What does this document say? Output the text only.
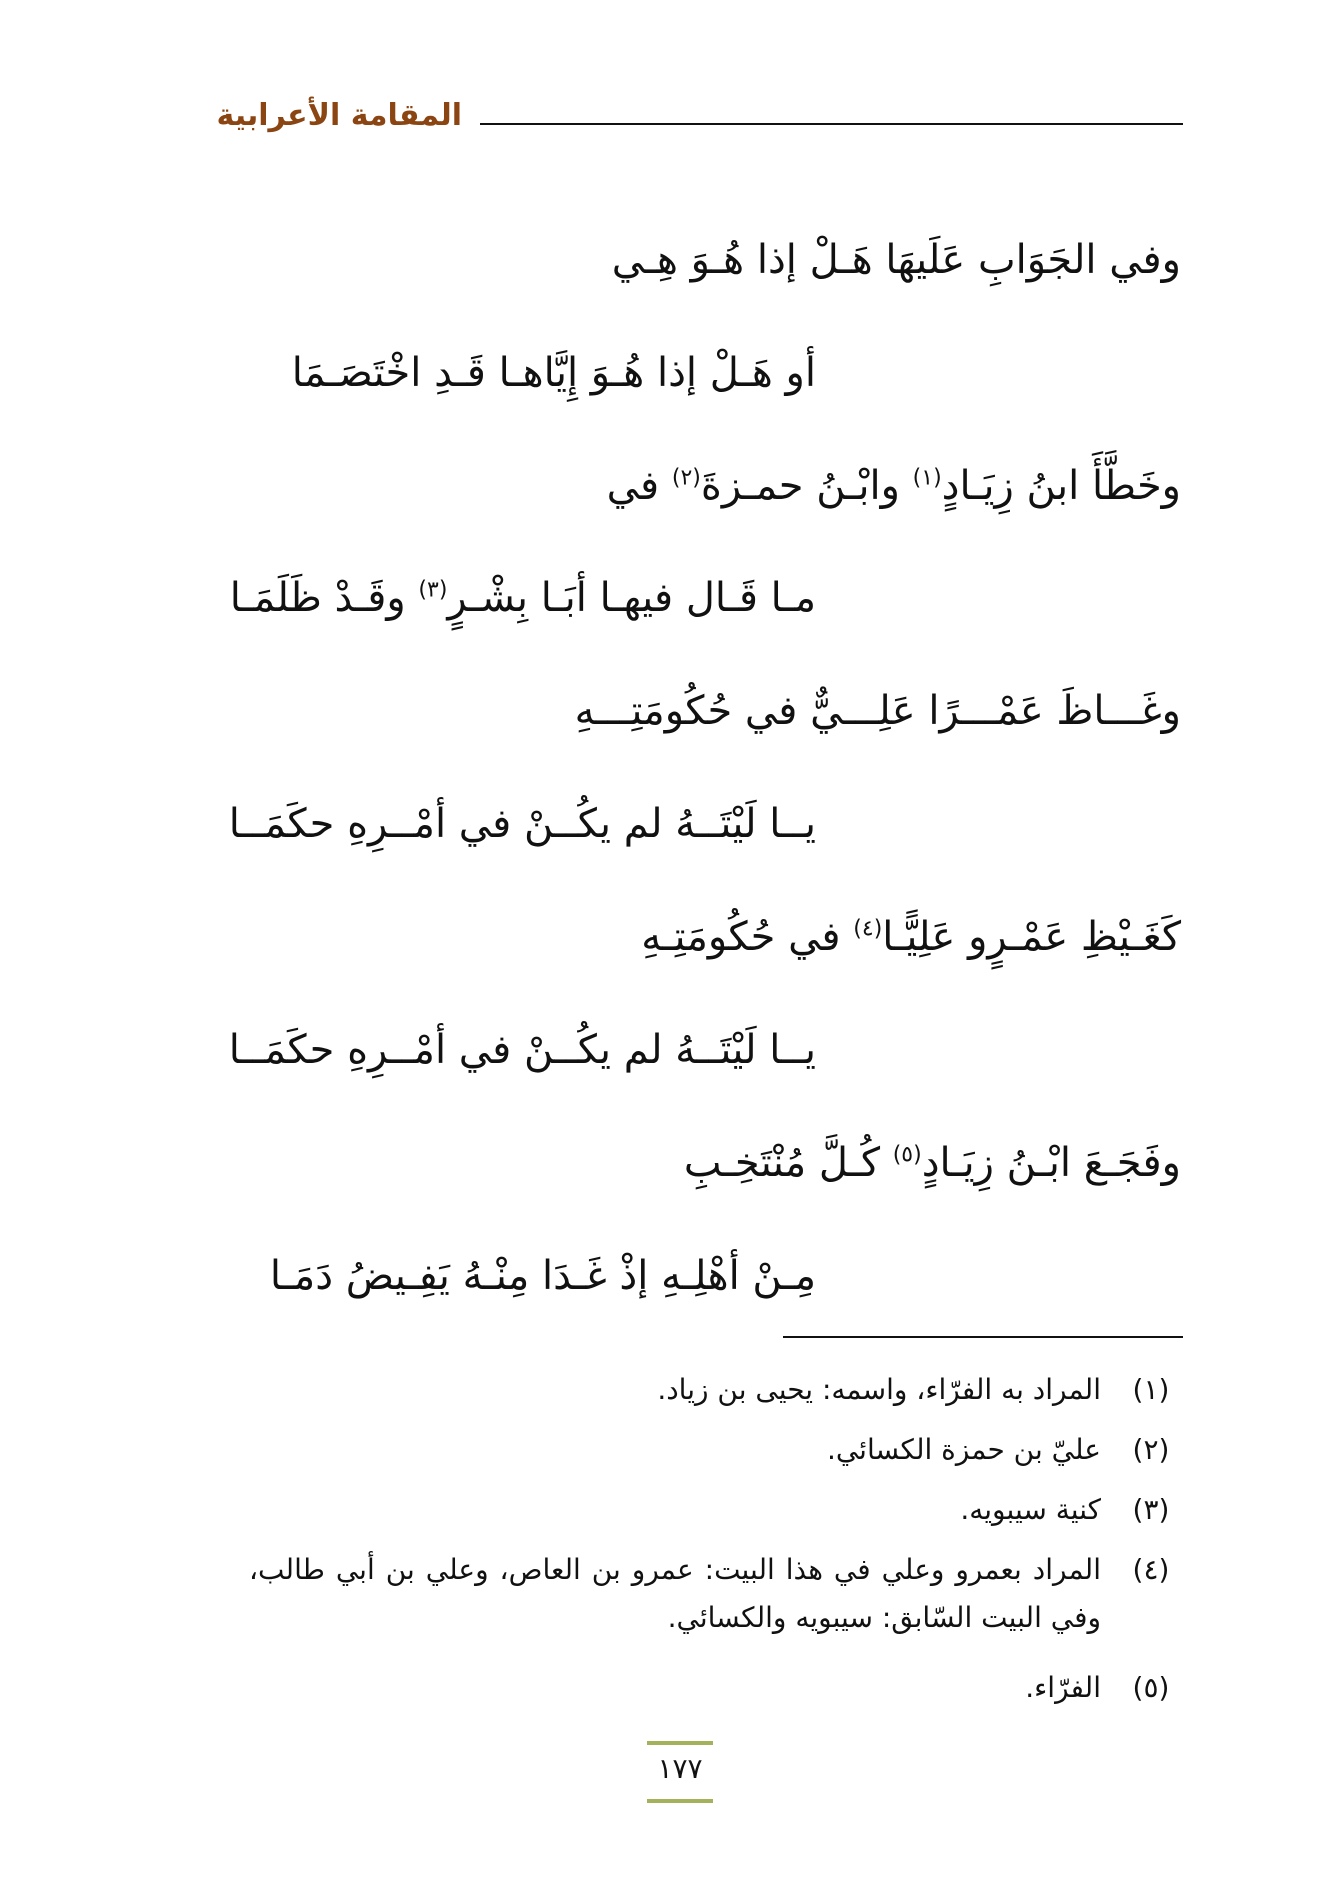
المقامة الأعرابية
وفي الجَوَابِ عَلَيهَا هَـلْ إذا هُـوَ هِـي
أو هَـلْ إذا هُـوَ إِيَّاهـا قَـدِ اخْتَصَـمَا
وخَطَّأَ ابنُ زِيَـادٍ$^{(١)}$ وابْـنُ حمـزةَ$^{(٢)}$ في
مـا قَـال فيهـا أبَـا بِشْـرٍ$^{(٣)}$ وقَـدْ ظَلَمَـا
وغَـــاظَ عَمْـــرًا عَلِـــيٌّ في حُكُومَتِـــهِ
يــا لَيْتَــهُ لم يكُــنْ في أمْــرِهِ حكَمَــا
كَغَـيْظِ عَمْـرٍو عَلِيًّـا$^{(٤)}$ في حُكُومَتِـهِ
يــا لَيْتَــهُ لم يكُــنْ في أمْــرِهِ حكَمَــا
وفَجَـعَ ابْـنُ زِيَـادٍ$^{(٥)}$ كُـلَّ مُنْتَخِـبِ
مِـنْ أهْلِـهِ إذْ غَـدَا مِنْـهُ يَفِـيضُ دَمَـا
(١)
المراد به الفرّاء، واسمه: يحيى بن زياد.
(٢)
عليّ بن حمزة الكسائي.
(٣)
كنية سيبويه.
(٤)
المراد بعمرو وعلي في هذا البيت: عمرو بن العاص، وعلي بن أبي طالب، وفي البيت السّابق: سيبويه والكسائي.
(٥)
الفرّاء.
١٧٧
